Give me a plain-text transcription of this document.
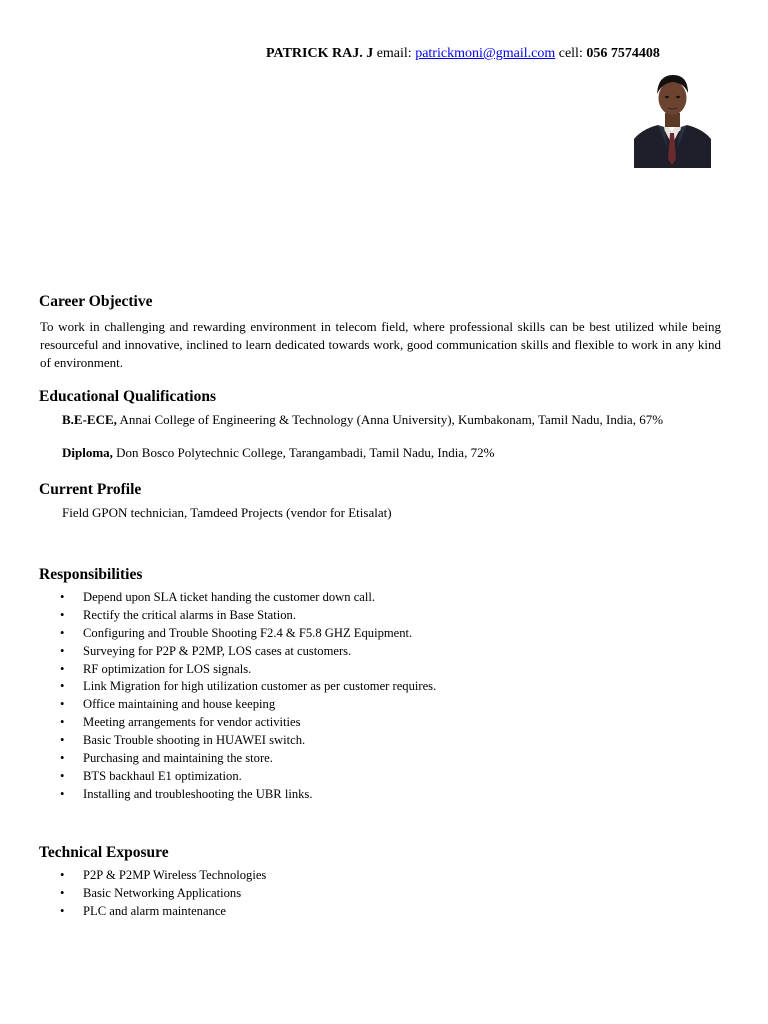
PATRICK RAJ. J email: patrickmoni@gmail.com cell: 056 7574408
Career Objective
To work in challenging and rewarding environment in telecom field, where professional skills can be best utilized while being resourceful and innovative, inclined to learn dedicated towards work, good communication skills and flexible to work in any kind of environment.
Educational Qualifications
B.E-ECE, Annai College of Engineering & Technology (Anna University), Kumbakonam, Tamil Nadu, India, 67%
Diploma, Don Bosco Polytechnic College, Tarangambadi, Tamil Nadu, India, 72%
Current Profile
Field GPON technician, Tamdeed Projects (vendor for Etisalat)
Responsibilities
• Depend upon SLA ticket handing the customer down call.
• Rectify the critical alarms in Base Station.
• Configuring and Trouble Shooting F2.4 & F5.8 GHZ Equipment.
• Surveying for P2P & P2MP, LOS cases at customers.
• RF optimization for LOS signals.
• Link Migration for high utilization customer as per customer requires.
• Office maintaining and house keeping
• Meeting arrangements for vendor activities
• Basic Trouble shooting in HUAWEI switch.
• Purchasing and maintaining the store.
• BTS backhaul E1 optimization.
• Installing and troubleshooting the UBR links.
Technical Exposure
• P2P & P2MP Wireless Technologies
• Basic Networking Applications
• PLC and alarm maintenance
